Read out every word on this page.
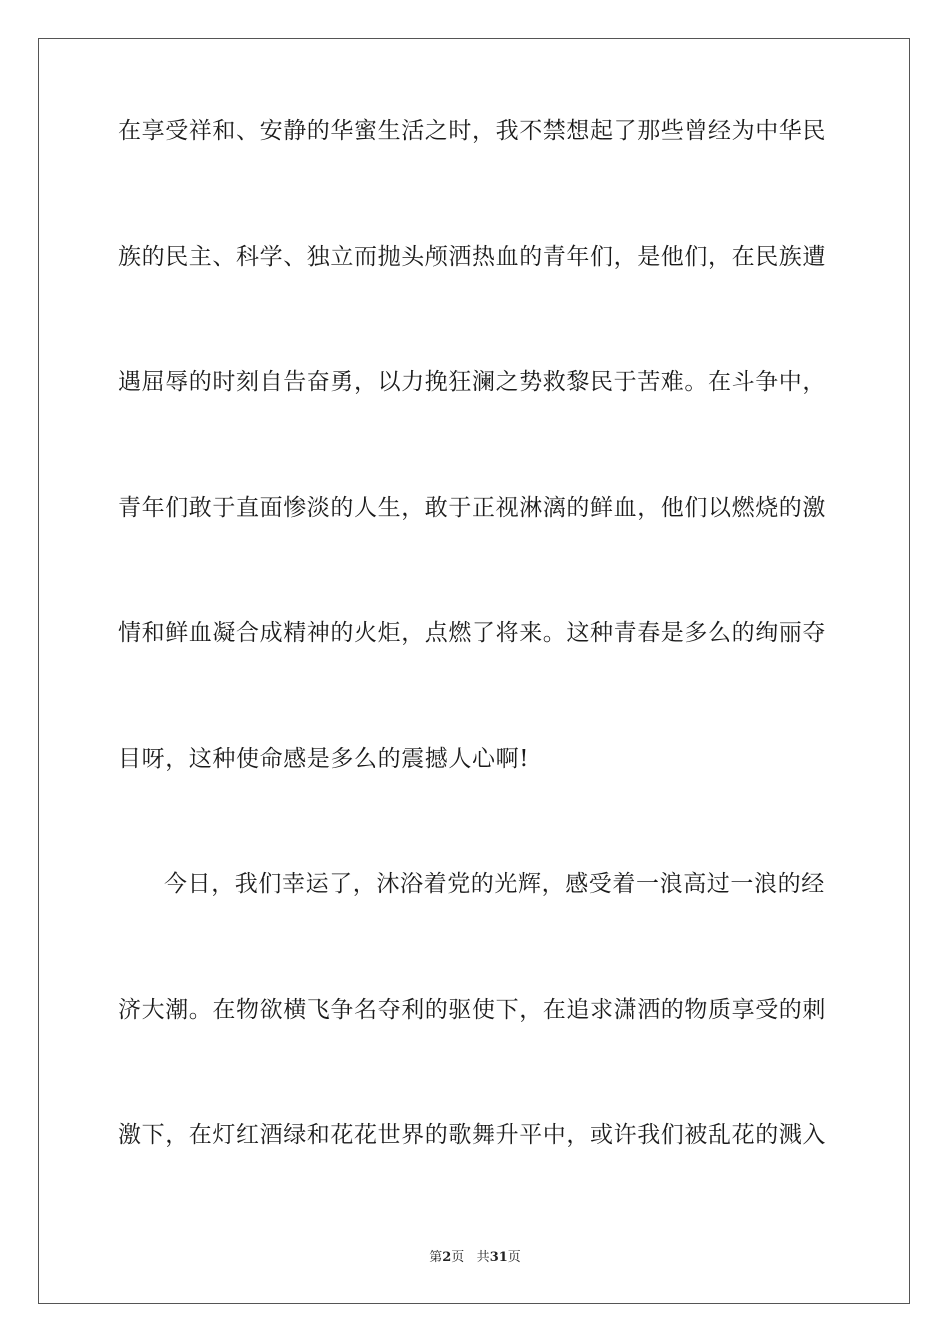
在享受祥和、安静的华蜜生活之时，我不禁想起了那些曾经为中华民
族的民主、科学、独立而抛头颅洒热血的青年们，是他们，在民族遭
遇屈辱的时刻自告奋勇，以力挽狂澜之势救黎民于苦难。在斗争中，
青年们敢于直面惨淡的人生，敢于正视淋漓的鲜血，他们以燃烧的激
情和鲜血凝合成精神的火炬，点燃了将来。这种青春是多么的绚丽夺
目呀，这种使命感是多么的震撼人心啊!
今日，我们幸运了，沐浴着党的光辉，感受着一浪高过一浪的经
济大潮。在物欲横飞争名夺利的驱使下，在追求潇洒的物质享受的刺
激下，在灯红酒绿和花花世界的歌舞升平中，或许我们被乱花的溅入
第2页 共31页
